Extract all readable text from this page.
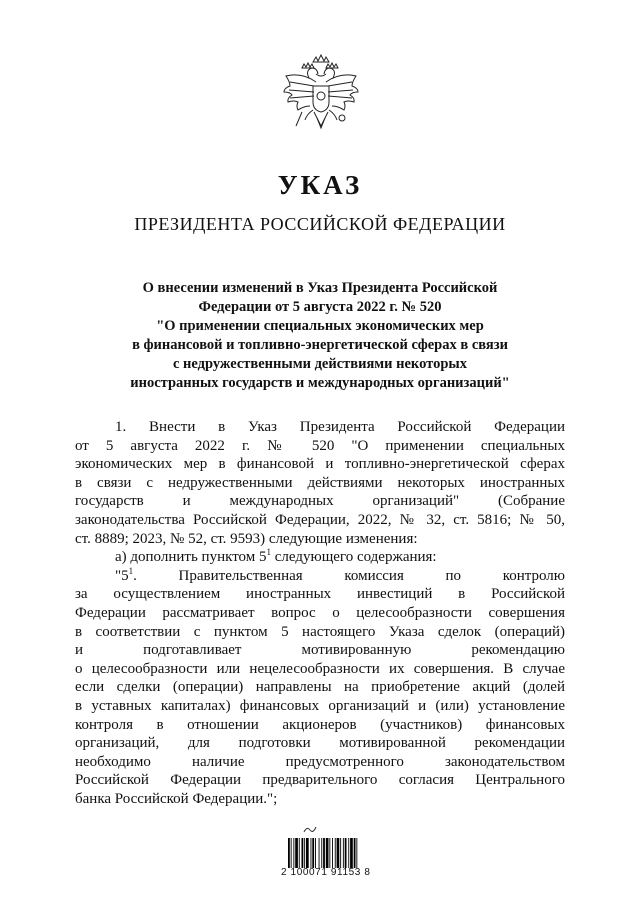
УКАЗ
ПРЕЗИДЕНТА РОССИЙСКОЙ ФЕДЕРАЦИИ
О внесении изменений в Указ Президента Российской
Федерации от 5 августа 2022 г. № 520
"О применении специальных экономических мер
в финансовой и топливно-энергетической сферах в связи
с недружественными действиями некоторых
иностранных государств и международных организаций"
1. Внести в Указ Президента Российской Федерации
от 5 августа 2022 г. № 520 "О применении специальных
экономических мер в финансовой и топливно-энергетической сферах
в связи с недружественными действиями некоторых иностранных
государств и международных организаций" (Собрание
законодательства Российской Федерации, 2022, № 32, ст. 5816; № 50,
ст. 8889; 2023, № 52, ст. 9593) следующие изменения:
а) дополнить пунктом $5^1$ следующего содержания:
"$5^1$. Правительственная комиссия по контролю
за осуществлением иностранных инвестиций в Российской
Федерации рассматривает вопрос о целесообразности совершения
в соответствии с пунктом 5 настоящего Указа сделок (операций)
и подготавливает мотивированную рекомендацию
о целесообразности или нецелесообразности их совершения. В случае
если сделки (операции) направлены на приобретение акций (долей
в уставных капиталах) финансовых организаций и (или) установление
контроля в отношении акционеров (участников) финансовых
организаций, для подготовки мотивированной рекомендации
необходимо наличие предусмотренного законодательством
Российской Федерации предварительного согласия Центрального
банка Российской Федерации.";
2 100071 91153 8
